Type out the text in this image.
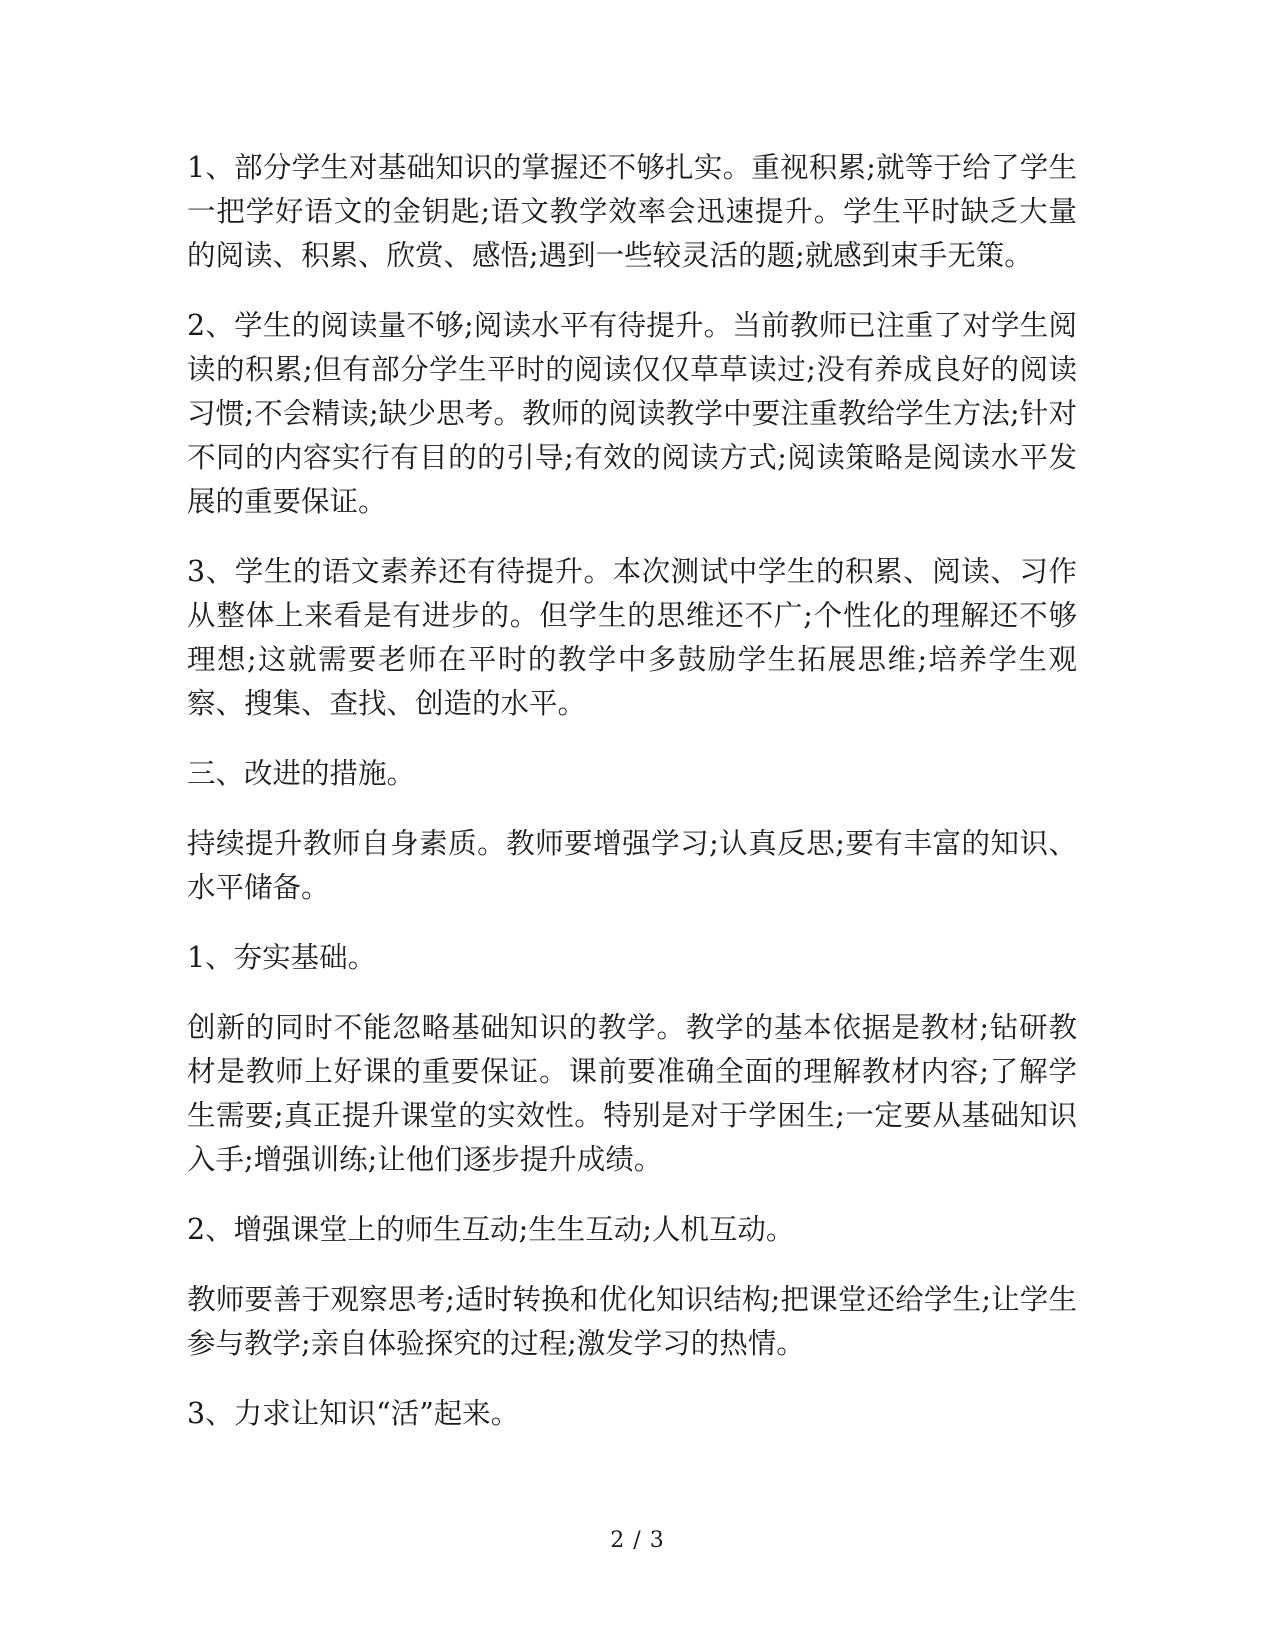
1、部分学生对基础知识的掌握还不够扎实。重视积累;就等于给了学生一把学好语文的金钥匙;语文教学效率会迅速提升。学生平时缺乏大量的阅读、积累、欣赏、感悟;遇到一些较灵活的题;就感到束手无策。

2、学生的阅读量不够;阅读水平有待提升。当前教师已注重了对学生阅读的积累;但有部分学生平时的阅读仅仅草草读过;没有养成良好的阅读习惯;不会精读;缺少思考。教师的阅读教学中要注重教给学生方法;针对不同的内容实行有目的的引导;有效的阅读方式;阅读策略是阅读水平发展的重要保证。

3、学生的语文素养还有待提升。本次测试中学生的积累、阅读、习作从整体上来看是有进步的。但学生的思维还不广;个性化的理解还不够理想;这就需要老师在平时的教学中多鼓励学生拓展思维;培养学生观察、搜集、查找、创造的水平。

三、改进的措施。

持续提升教师自身素质。教师要增强学习;认真反思;要有丰富的知识、水平储备。

1、夯实基础。

创新的同时不能忽略基础知识的教学。教学的基本依据是教材;钻研教材是教师上好课的重要保证。课前要准确全面的理解教材内容;了解学生需要;真正提升课堂的实效性。特别是对于学困生;一定要从基础知识入手;增强训练;让他们逐步提升成绩。

2、增强课堂上的师生互动;生生互动;人机互动。

教师要善于观察思考;适时转换和优化知识结构;把课堂还给学生;让学生参与教学;亲自体验探究的过程;激发学习的热情。

3、力求让知识“活”起来。

2 / 3
